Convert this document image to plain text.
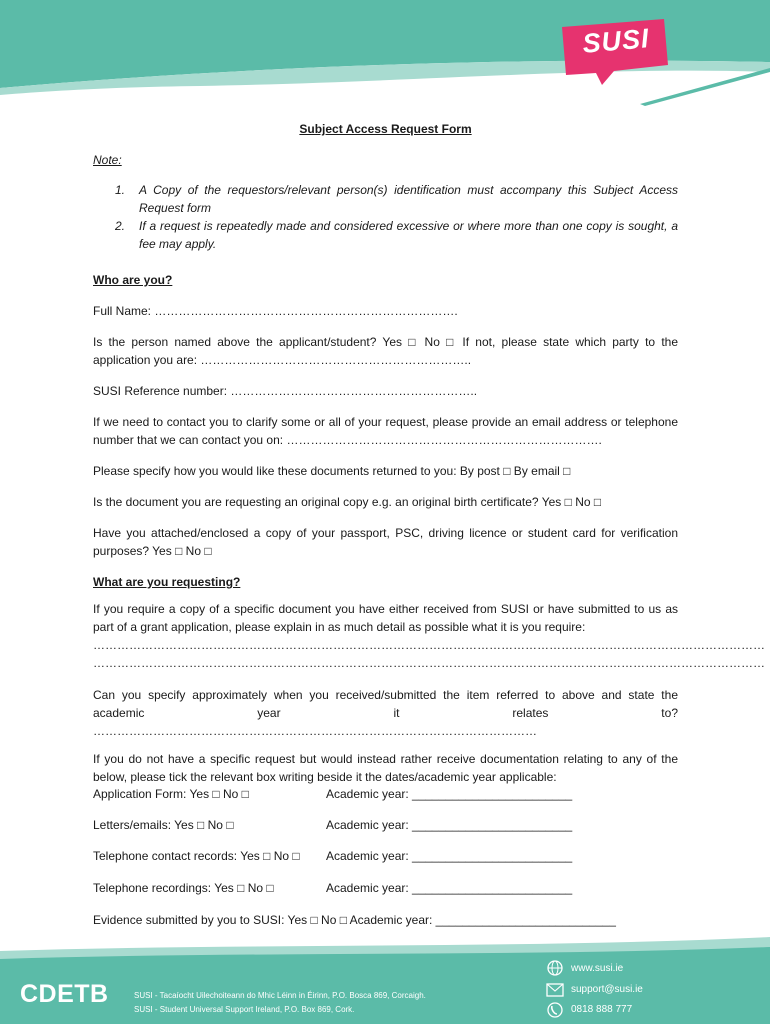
SUSI
Subject Access Request Form
Note:
1. A Copy of the requestors/relevant person(s) identification must accompany this Subject Access Request form
2. If a request is repeatedly made and considered excessive or where more than one copy is sought, a fee may apply.
Who are you?
Full Name: ………………………………………………………………….
Is the person named above the applicant/student? Yes □ No □ If not, please state which party to the application you are: …………………………………………………………..
SUSI Reference number: ……………………………………………………..
If we need to contact you to clarify some or all of your request, please provide an email address or telephone number that we can contact you on: …………………………………………………………………….
Please specify how you would like these documents returned to you: By post □ By email □
Is the document you are requesting an original copy e.g. an original birth certificate? Yes □ No □
Have you attached/enclosed a copy of your passport, PSC, driving licence or student card for verification purposes? Yes □ No □
What are you requesting?
If you require a copy of a specific document you have either received from SUSI or have submitted to us as part of a grant application, please explain in as much detail as possible what it is you require:
……………………………………………………………………………………………………………………………………………………
……………………………………………………………………………………………………………………………………………………
Can you specify approximately when you received/submitted the item referred to above and state the academic year it relates to? …………………………………………………………………………………………………
If you do not have a specific request but would instead rather receive documentation relating to any of the below, please tick the relevant box writing beside it the dates/academic year applicable:
Application Form: Yes □ No □	Academic year: ________________________
Letters/emails: Yes □ No □	Academic year: ________________________
Telephone contact records: Yes □ No □ Academic year: ________________________
Telephone recordings: Yes □ No □	Academic year: ________________________
Evidence submitted by you to SUSI: Yes □ No □ Academic year: ___________________________
CDETB	SUSI - Tacaíocht Uilechoiteann do Mhic Léinn in Éirinn, P.O. Bosca 869, Corcaigh.
SUSI - Student Universal Support Ireland, P.O. Box 869, Cork.
www.susi.ie
support@susi.ie
0818 888 777
